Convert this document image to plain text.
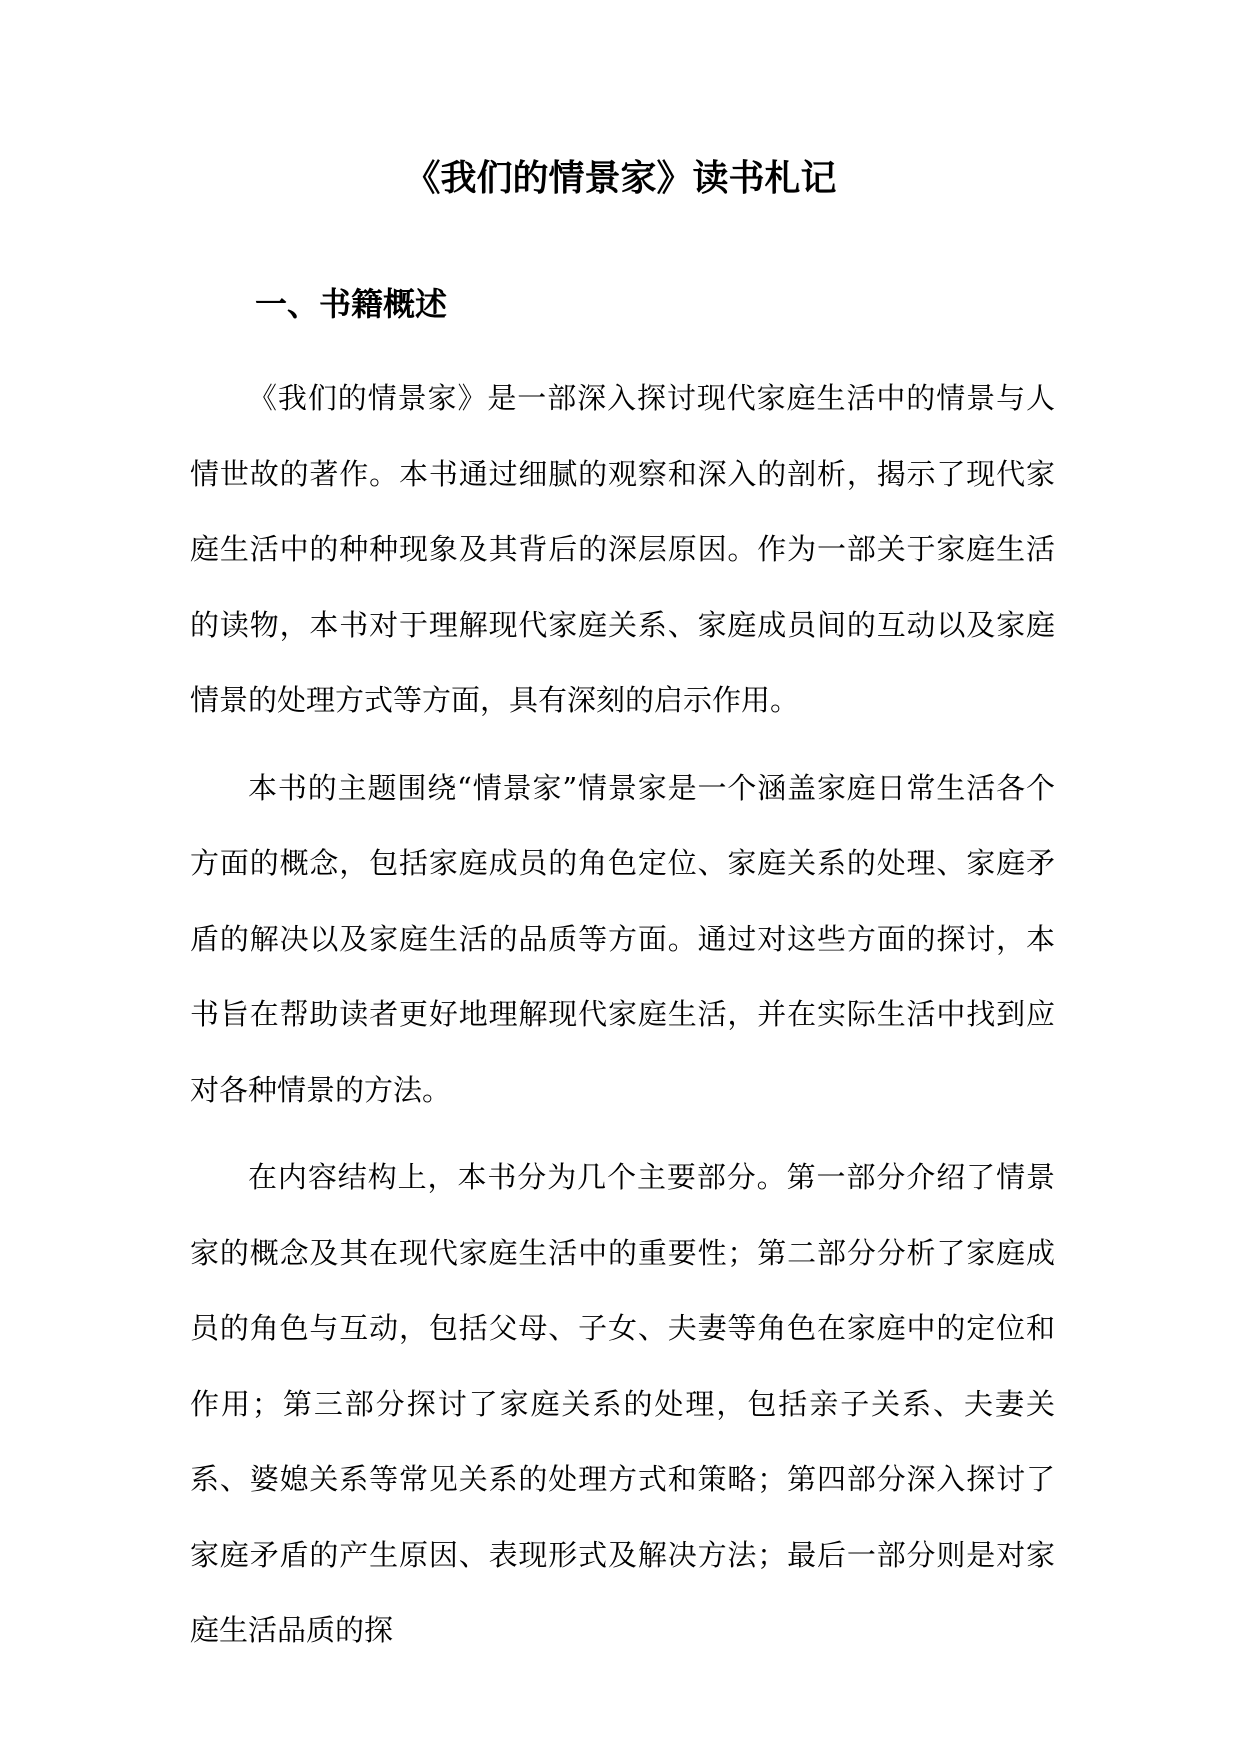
《我们的情景家》读书札记
一、书籍概述

《我们的情景家》是一部深入探讨现代家庭生活中的情景与人情世故的著作。本书通过细腻的观察和深入的剖析，揭示了现代家庭生活中的种种现象及其背后的深层原因。作为一部关于家庭生活的读物，本书对于理解现代家庭关系、家庭成员间的互动以及家庭情景的处理方式等方面，具有深刻的启示作用。

本书的主题围绕“情景家”情景家是一个涵盖家庭日常生活各个方面的概念，包括家庭成员的角色定位、家庭关系的处理、家庭矛盾的解决以及家庭生活的品质等方面。通过对这些方面的探讨，本书旨在帮助读者更好地理解现代家庭生活，并在实际生活中找到应对各种情景的方法。

在内容结构上，本书分为几个主要部分。第一部分介绍了情景家的概念及其在现代家庭生活中的重要性；第二部分分析了家庭成员的角色与互动，包括父母、子女、夫妻等角色在家庭中的定位和作用；第三部分探讨了家庭关系的处理，包括亲子关系、夫妻关系、婆媳关系等常见关系的处理方式和策略；第四部分深入探讨了家庭矛盾的产生原因、表现形式及解决方法；最后一部分则是对家庭生活品质的探
